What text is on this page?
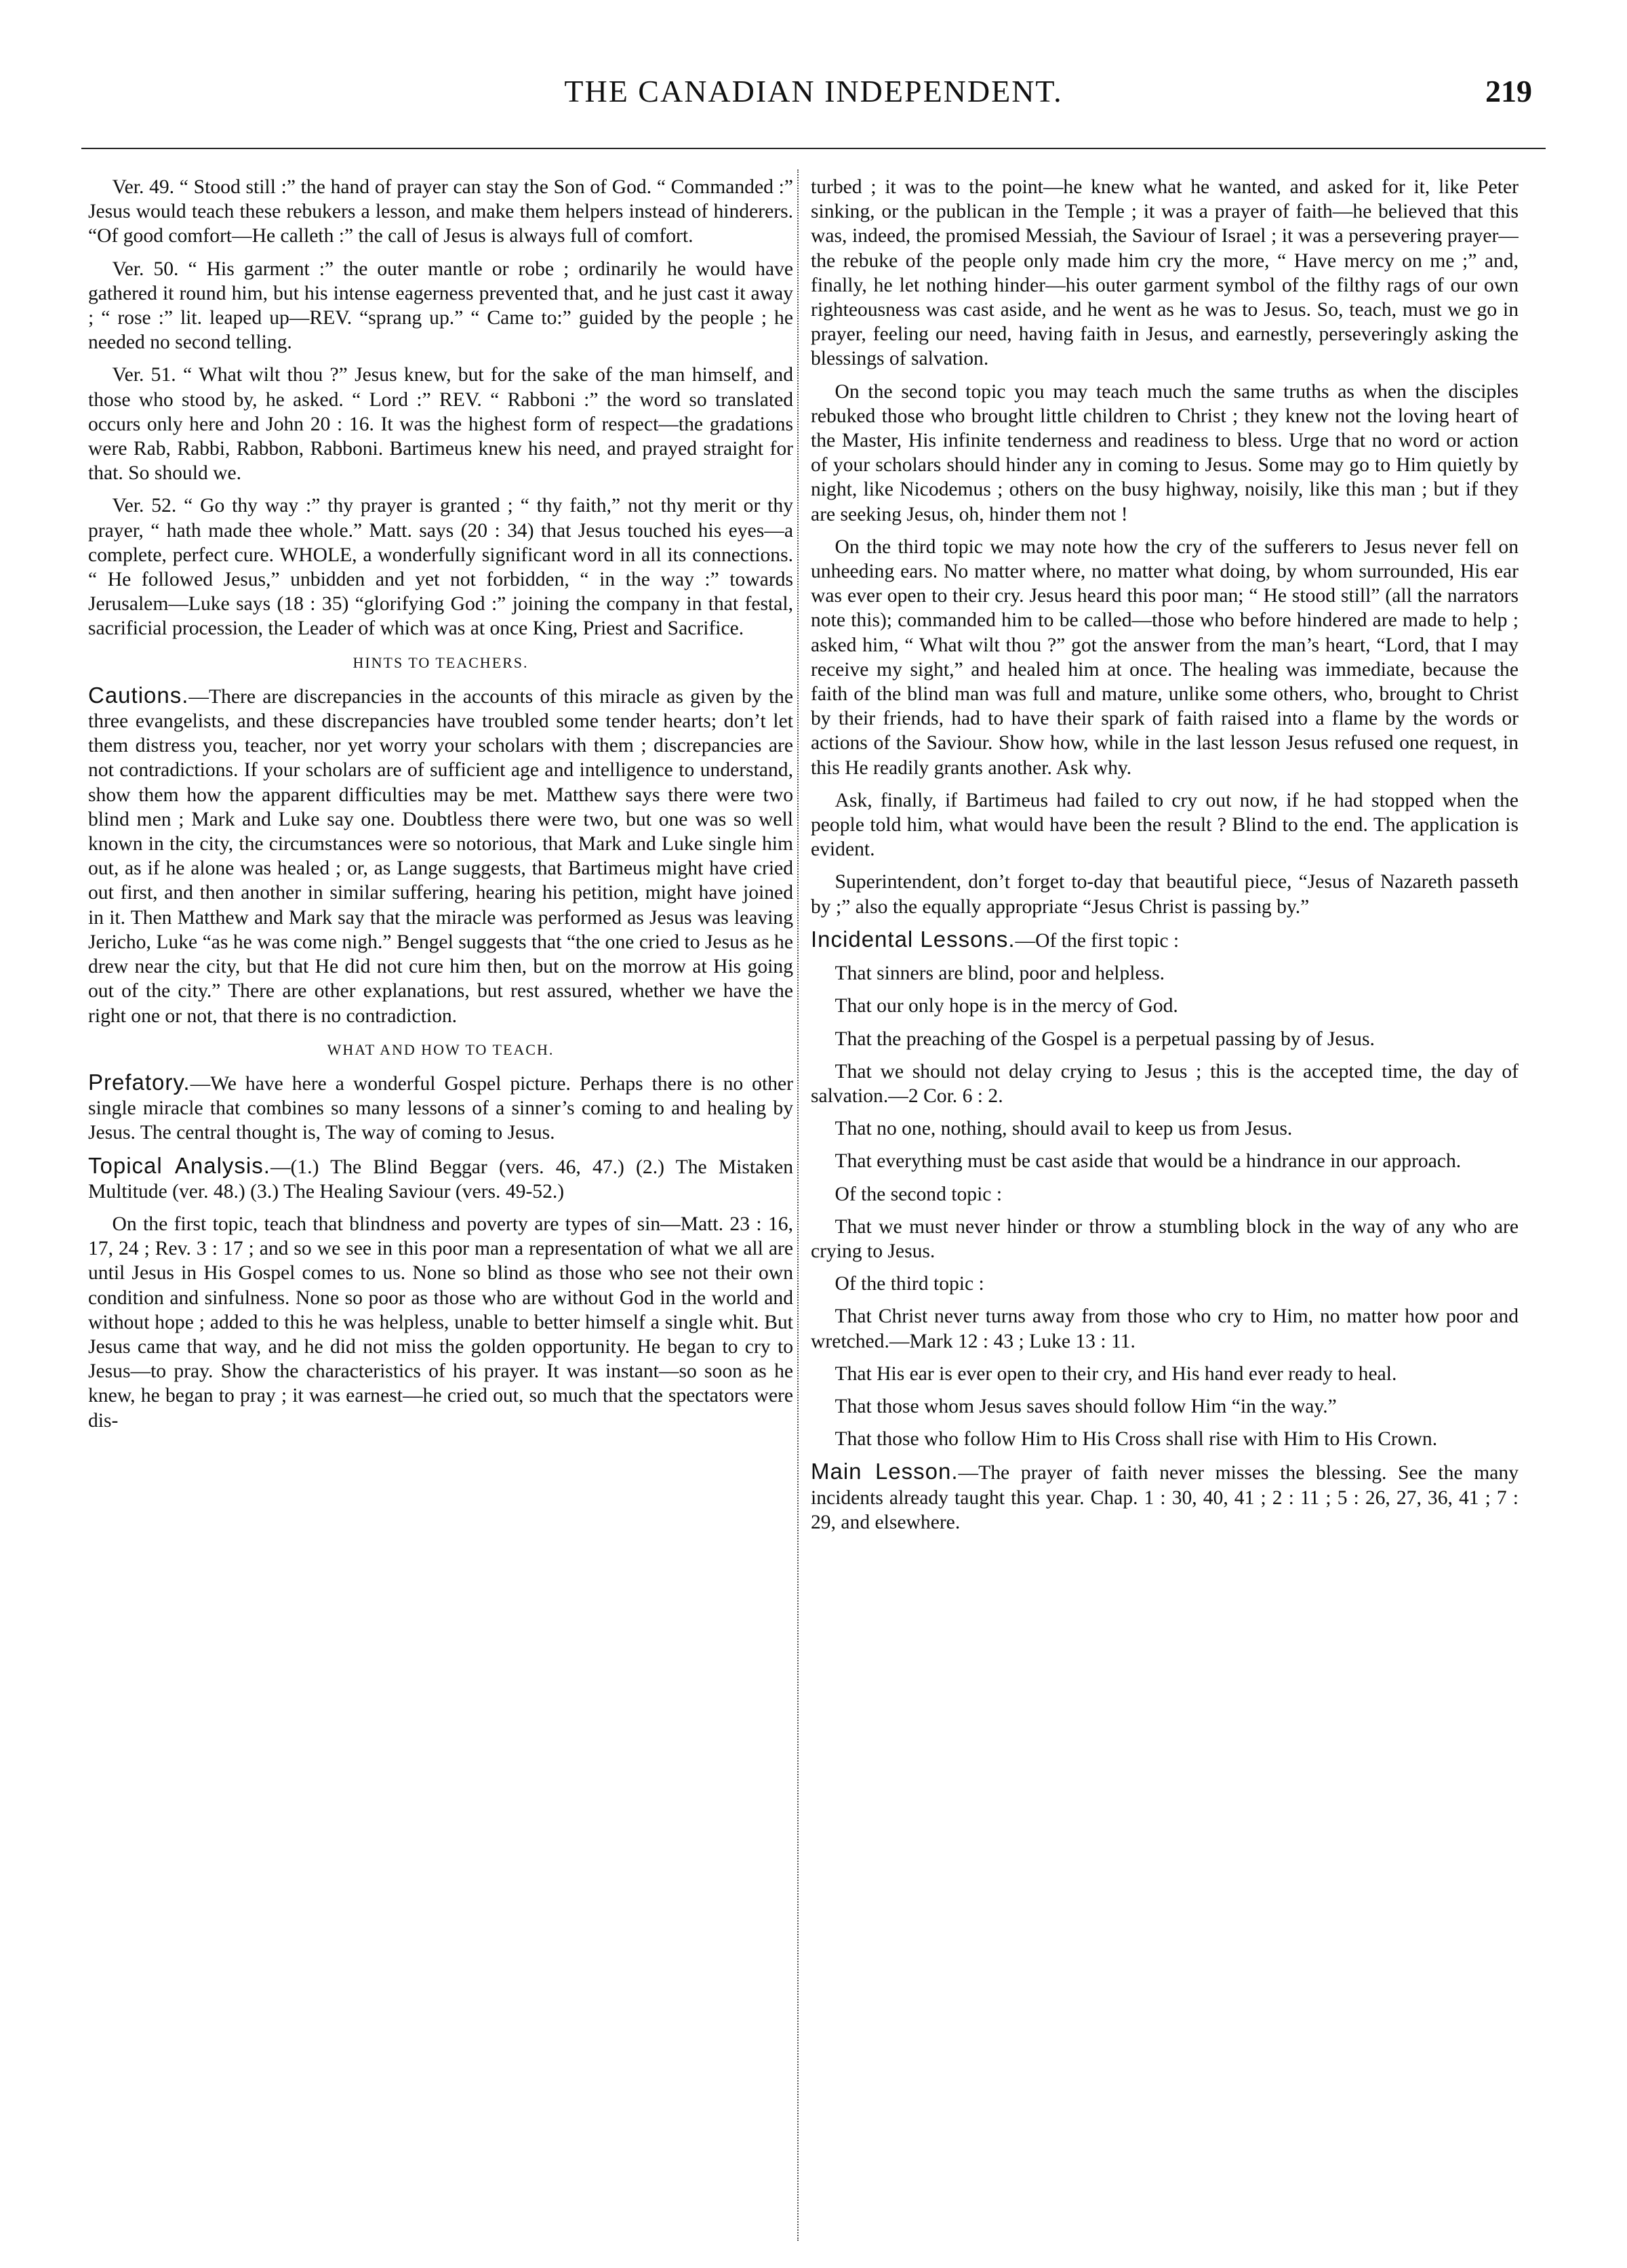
THE CANADIAN INDEPENDENT.	219

Ver. 49. “ Stood still :” the hand of prayer can stay the Son of God. “ Commanded :” Jesus would teach these rebukers a lesson, and make them helpers instead of hinderers. “Of good comfort—He calleth :” the call of Jesus is always full of comfort.

Ver. 50. “ His garment :” the outer mantle or robe ; ordinarily he would have gathered it round him, but his intense eagerness prevented that, and he just cast it away ; “ rose :” lit. leaped up—REV. “sprang up.” “ Came to:” guided by the people ; he needed no second telling.

Ver. 51. “ What wilt thou ?” Jesus knew, but for the sake of the man himself, and those who stood by, he asked. “ Lord :” REV. “ Rabboni :” the word so translated occurs only here and John 20 : 16. It was the highest form of respect—the gradations were Rab, Rabbi, Rabbon, Rabboni. Bartimeus knew his need, and prayed straight for that. So should we.

Ver. 52. “ Go thy way :” thy prayer is granted ; “ thy faith,” not thy merit or thy prayer, “ hath made thee whole.” Matt. says (20 : 34) that Jesus touched his eyes—a complete, perfect cure. WHOLE, a wonderfully significant word in all its connections. “ He followed Jesus,” unbidden and yet not forbidden, “ in the way :” towards Jerusalem—Luke says (18 : 35) “glorifying God :” joining the company in that festal, sacrificial procession, the Leader of which was at once King, Priest and Sacrifice.

HINTS TO TEACHERS.

Cautions.—There are discrepancies in the accounts of this miracle as given by the three evangelists, and these discrepancies have troubled some tender hearts; don’t let them distress you, teacher, nor yet worry your scholars with them ; discrepancies are not contradictions. If your scholars are of sufficient age and intelligence to understand, show them how the apparent difficulties may be met. Matthew says there were two blind men ; Mark and Luke say one. Doubtless there were two, but one was so well known in the city, the circumstances were so notorious, that Mark and Luke single him out, as if he alone was healed ; or, as Lange suggests, that Bartimeus might have cried out first, and then another in similar suffering, hearing his petition, might have joined in it. Then Matthew and Mark say that the miracle was performed as Jesus was leaving Jericho, Luke “as he was come nigh.” Bengel suggests that “the one cried to Jesus as he drew near the city, but that He did not cure him then, but on the morrow at His going out of the city.” There are other explanations, but rest assured, whether we have the right one or not, that there is no contradiction.

WHAT AND HOW TO TEACH.

Prefatory.—We have here a wonderful Gospel picture. Perhaps there is no other single miracle that combines so many lessons of a sinner’s coming to and healing by Jesus. The central thought is, The way of coming to Jesus.

Topical Analysis.—(1.) The Blind Beggar (vers. 46, 47.) (2.) The Mistaken Multitude (ver. 48.) (3.) The Healing Saviour (vers. 49-52.)

On the first topic, teach that blindness and poverty are types of sin—Matt. 23 : 16, 17, 24 ; Rev. 3 : 17 ; and so we see in this poor man a representation of what we all are until Jesus in His Gospel comes to us. None so blind as those who see not their own condition and sinfulness. None so poor as those who are without God in the world and without hope ; added to this he was helpless, unable to better himself a single whit. But Jesus came that way, and he did not miss the golden opportunity. He began to cry to Jesus—to pray. Show the characteristics of his prayer. It was instant—so soon as he knew, he began to pray ; it was earnest—he cried out, so much that the spectators were dis-

turbed ; it was to the point—he knew what he wanted, and asked for it, like Peter sinking, or the publican in the Temple ; it was a prayer of faith—he believed that this was, indeed, the promised Messiah, the Saviour of Israel ; it was a persevering prayer—the rebuke of the people only made him cry the more, “ Have mercy on me ;” and, finally, he let nothing hinder—his outer garment symbol of the filthy rags of our own righteousness was cast aside, and he went as he was to Jesus. So, teach, must we go in prayer, feeling our need, having faith in Jesus, and earnestly, perseveringly asking the blessings of salvation.

On the second topic you may teach much the same truths as when the disciples rebuked those who brought little children to Christ ; they knew not the loving heart of the Master, His infinite tenderness and readiness to bless. Urge that no word or action of your scholars should hinder any in coming to Jesus. Some may go to Him quietly by night, like Nicodemus ; others on the busy highway, noisily, like this man ; but if they are seeking Jesus, oh, hinder them not !

On the third topic we may note how the cry of the sufferers to Jesus never fell on unheeding ears. No matter where, no matter what doing, by whom surrounded, His ear was ever open to their cry. Jesus heard this poor man; “ He stood still” (all the narrators note this); commanded him to be called—those who before hindered are made to help ; asked him, “ What wilt thou ?” got the answer from the man’s heart, “Lord, that I may receive my sight,” and healed him at once. The healing was immediate, because the faith of the blind man was full and mature, unlike some others, who, brought to Christ by their friends, had to have their spark of faith raised into a flame by the words or actions of the Saviour. Show how, while in the last lesson Jesus refused one request, in this He readily grants another. Ask why.

Ask, finally, if Bartimeus had failed to cry out now, if he had stopped when the people told him, what would have been the result ? Blind to the end. The application is evident.

Superintendent, don’t forget to-day that beautiful piece, “Jesus of Nazareth passeth by ;” also the equally appropriate “Jesus Christ is passing by.”

Incidental Lessons.—Of the first topic :

That sinners are blind, poor and helpless.

That our only hope is in the mercy of God.

That the preaching of the Gospel is a perpetual passing by of Jesus.

That we should not delay crying to Jesus ; this is the accepted time, the day of salvation.—2 Cor. 6 : 2.

That no one, nothing, should avail to keep us from Jesus.

That everything must be cast aside that would be a hindrance in our approach.

Of the second topic :

That we must never hinder or throw a stumbling block in the way of any who are crying to Jesus.

Of the third topic :

That Christ never turns away from those who cry to Him, no matter how poor and wretched.—Mark 12 : 43 ; Luke 13 : 11.

That His ear is ever open to their cry, and His hand ever ready to heal.

That those whom Jesus saves should follow Him “in the way.”

That those who follow Him to His Cross shall rise with Him to His Crown.

Main Lesson.—The prayer of faith never misses the blessing. See the many incidents already taught this year. Chap. 1 : 30, 40, 41 ; 2 : 11 ; 5 : 26, 27, 36, 41 ; 7 : 29, and elsewhere.
